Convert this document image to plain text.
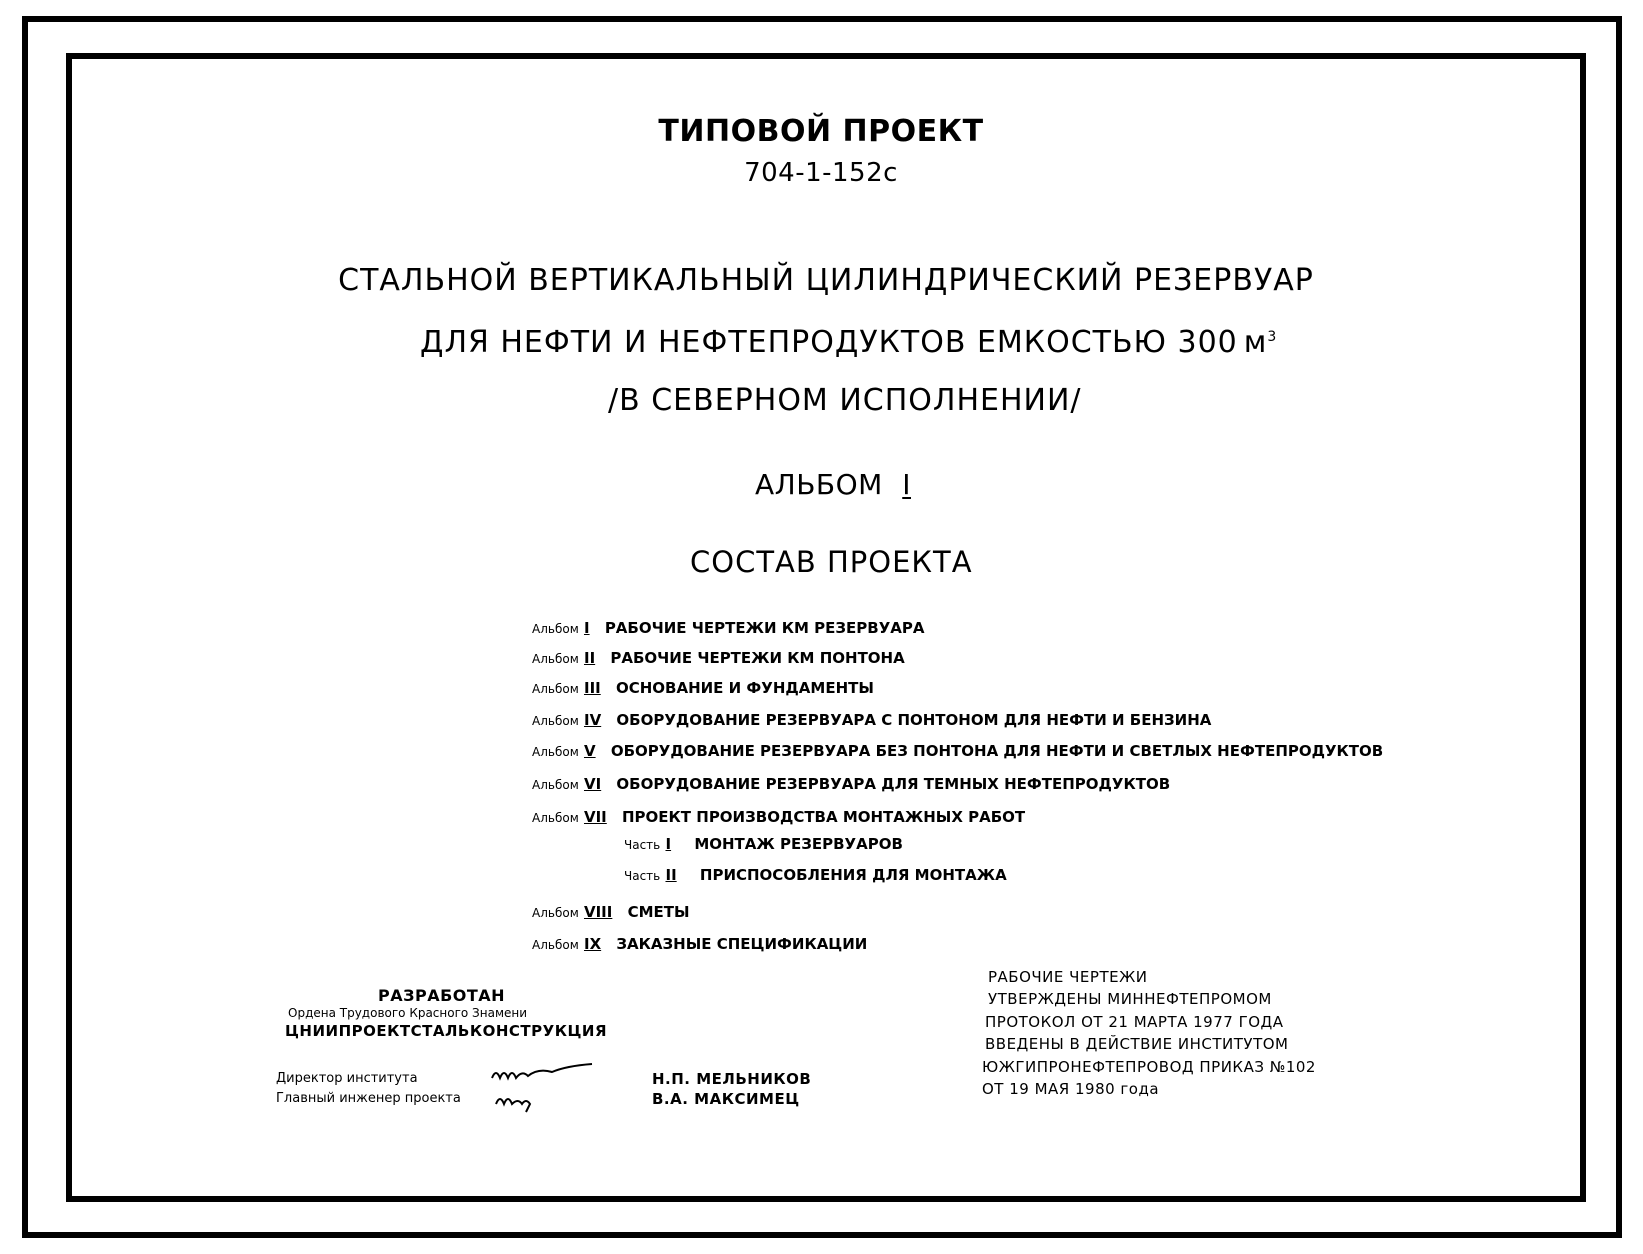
ТИПОВОЙ ПРОЕКТ
704-1-152с
СТАЛЬНОЙ ВЕРТИКАЛЬНЫЙ ЦИЛИНДРИЧЕСКИЙ РЕЗЕРВУАР
ДЛЯ НЕФТИ И НЕФТЕПРОДУКТОВ ЕМКОСТЬЮ 300 $м^3$
/В СЕВЕРНОМ ИСПОЛНЕНИИ/
АЛЬБОМ I
СОСТАВ ПРОЕКТА
Альбом I РАБОЧИЕ ЧЕРТЕЖИ КМ РЕЗЕРВУАРА
Альбом II РАБОЧИЕ ЧЕРТЕЖИ КМ ПОНТОНА
Альбом III ОСНОВАНИЕ И ФУНДАМЕНТЫ
Альбом IV ОБОРУДОВАНИЕ РЕЗЕРВУАРА С ПОНТОНОМ ДЛЯ НЕФТИ И БЕНЗИНА
Альбом V ОБОРУДОВАНИЕ РЕЗЕРВУАРА БЕЗ ПОНТОНА ДЛЯ НЕФТИ И СВЕТЛЫХ НЕФТЕПРОДУКТОВ
Альбом VI ОБОРУДОВАНИЕ РЕЗЕРВУАРА ДЛЯ ТЕМНЫХ НЕФТЕПРОДУКТОВ
Альбом VII ПРОЕКТ ПРОИЗВОДСТВА МОНТАЖНЫХ РАБОТ
Часть I МОНТАЖ РЕЗЕРВУАРОВ
Часть II ПРИСПОСОБЛЕНИЯ ДЛЯ МОНТАЖА
Альбом VIII СМЕТЫ
Альбом IX ЗАКАЗНЫЕ СПЕЦИФИКАЦИИ
РАЗРАБОТАН
Ордена Трудового Красного Знамени
ЦНИИПРОЕКТСТАЛЬКОНСТРУКЦИЯ
Директор института
Главный инженер проекта
Н.П. МЕЛЬНИКОВ
В.А. МАКСИМЕЦ
РАБОЧИЕ ЧЕРТЕЖИ
УТВЕРЖДЕНЫ МИННЕФТЕПРОМОМ
ПРОТОКОЛ ОТ 21 МАРТА 1977 ГОДА
ВВЕДЕНЫ В ДЕЙСТВИЕ ИНСТИТУТОМ
ЮЖГИПРОНЕФТЕПРОВОД ПРИКАЗ №102
ОТ 19 МАЯ 1980 года
